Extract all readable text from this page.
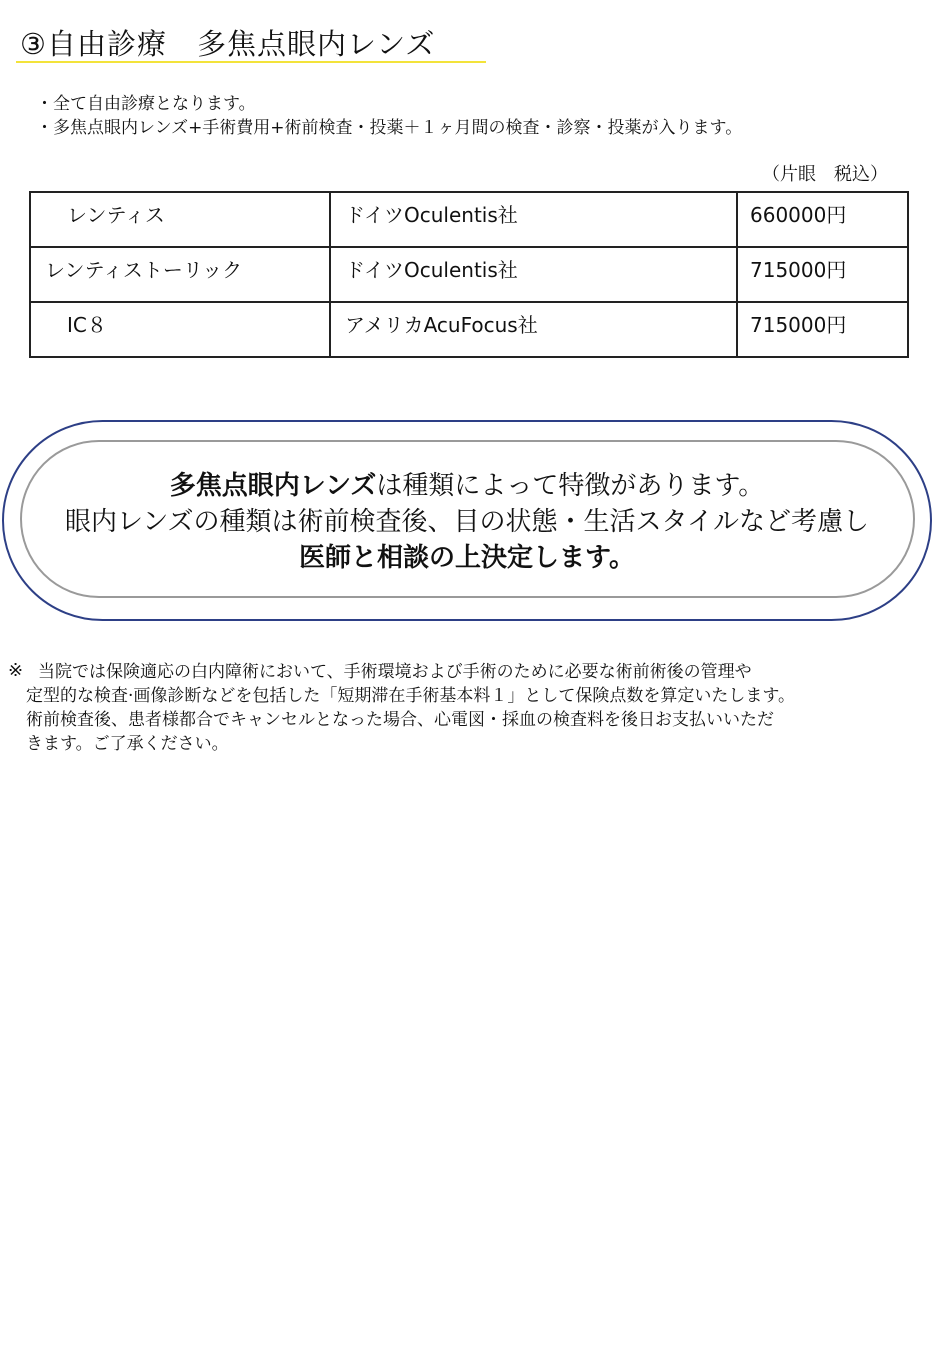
③自由診療　多焦点眼内レンズ
・全て自由診療となります。
・多焦点眼内レンズ+手術費用+術前検査・投薬＋１ヶ月間の検査・診察・投薬が入ります。
（片眼　税込）
レンティス	ドイツOculentis社	660000円
レンティストーリック	ドイツOculentis社	715000円
IC８	アメリカAcuFocus社	715000円
多焦点眼内レンズは種類によって特徴があります。
眼内レンズの種類は術前検査後、目の状態・生活スタイルなど考慮し
医師と相談の上決定します。
※ 当院では保険適応の白内障術において、手術環境および手術のために必要な術前術後の管理や
定型的な検査·画像診断などを包括した「短期滞在手術基本料１」として保険点数を算定いたします。
術前検査後、患者様都合でキャンセルとなった場合、心電図・採血の検査料を後日お支払いいただ
きます。ご了承ください。
